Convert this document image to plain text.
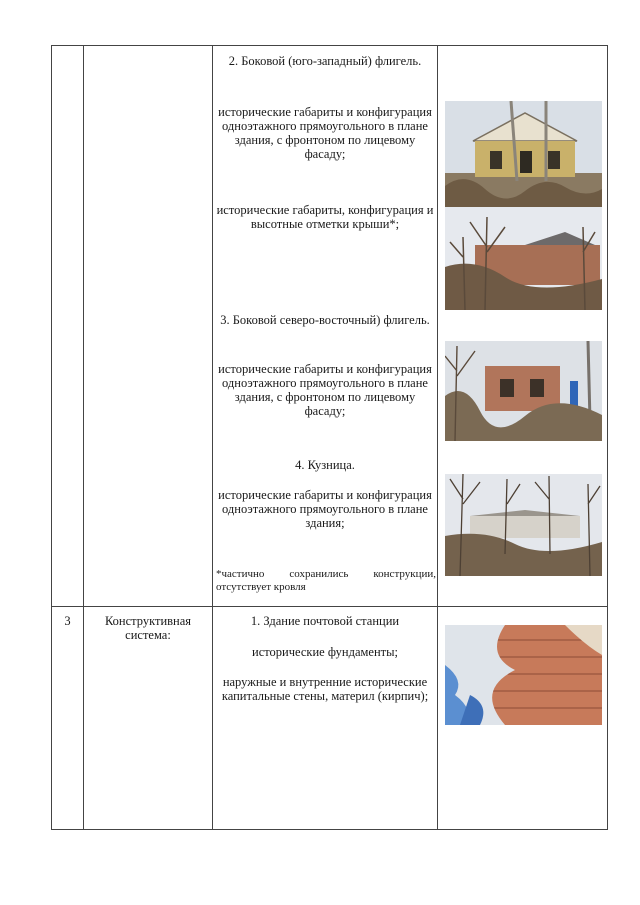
2. Боковой (юго-западный) флигель.
исторические габариты и конфигурация одноэтажного прямоугольного в плане здания, с фронтоном по лицевому фасаду;
исторические габариты, конфигурация и высотные отметки крыши*;
3. Боковой северо-восточный) флигель.
исторические габариты и конфигурация одноэтажного прямоугольного в плане здания, с фронтоном по лицевому фасаду;
4. Кузница.
исторические габариты и конфигурация одноэтажного прямоугольного в плане здания;
*частично сохранились конструкции, отсутствует кровля
3	Конструктивная система:
1. Здание почтовой станции
исторические фундаменты;
наружные и внутренние исторические капитальные стены, материл (кирпич);
